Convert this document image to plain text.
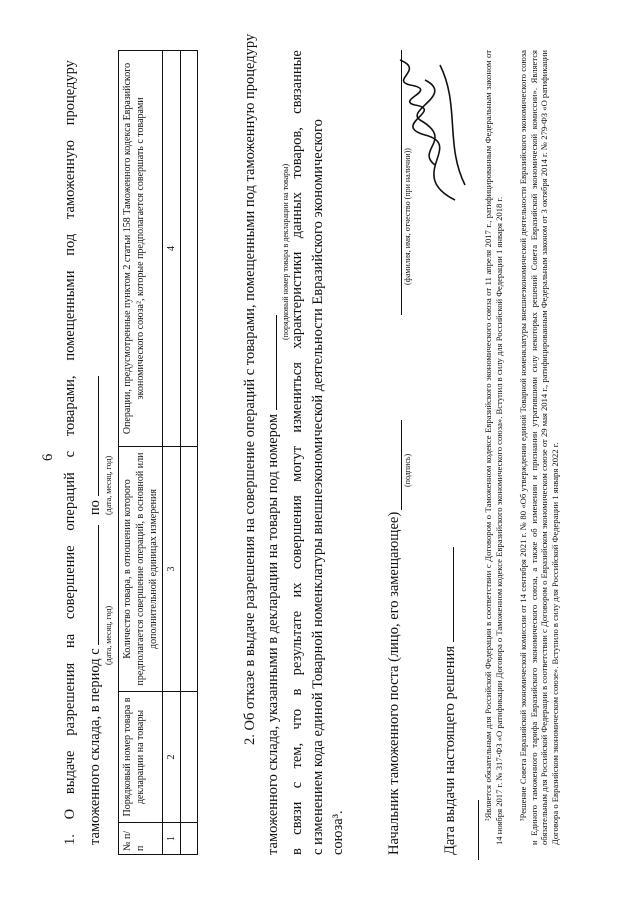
6
1.
О
выдаче
разрешения
на
совершение
операций
с
товарами,
помещенными
под
таможенную
процедуру
таможенного склада, в период с  по
(дата, месяц, год)
(дата, месяц, год)
№ п/п	Порядковый номер товара в декларации на товары	Количество товара, в отношении которого предполагается совершение операций, в основной или дополнительной единицах измерения	Операции, предусмотренные пунктом 2 статьи 158 Таможенного кодекса Евразийского экономического союза², которые предполагается совершать с товарами
1	2	3	4
				2. Об отказе в выдаче разрешения на совершение операций с товарами, помещенными под таможенную процедуру таможенного склада, указанными в декларации на товары под номером
(порядковый номер товара в декларации на товары)
в
связи
с
тем,
что
в
результате
их
совершения
могут
измениться
характеристики
данных
товаров,
связанные
с изменением кода единой Товарной номенклатуры внешнеэкономической деятельности Евразийского экономического союза³.	Начальник таможенного поста (лицо, его замещающее)
(подпись)
(фамилия, имя, отчество (при наличии))
Дата выдачи настоящего решения	²Является обязательным для Российской Федерации в соответствии с Договором о Таможенном кодексе Евразийского экономического союза от 11 апреля 2017 г., ратифицированным Федеральным законом от 14 ноября 2017 г. № 317-ФЗ «О ратификации Договора о Таможенном кодексе Евразийского экономического союза». Вступил в силу для Российской Федерации 1 января 2018 г. ³Решение Совета Евразийской экономической комиссии от 14 сентября 2021 г. № 80 «Об утверждении единой Товарной номенклатуры внешнеэкономической деятельности Евразийского экономического союза и Единого таможенного тарифа Евразийского экономического союза, а также об изменении и признании утратившими силу некоторых решений Совета Евразийской экономической комиссии». Является обязательным для Российской Федерации в соответствии с Договором о Евразийском экономическом союзе от 29 мая 2014 г., ратифицированным Федеральным законом от 3 октября 2014 г. № 279-ФЗ «О ратификации Договора о Евразийском экономическом союзе». Вступило в силу для Российской Федерации 1 января 2022 г.
